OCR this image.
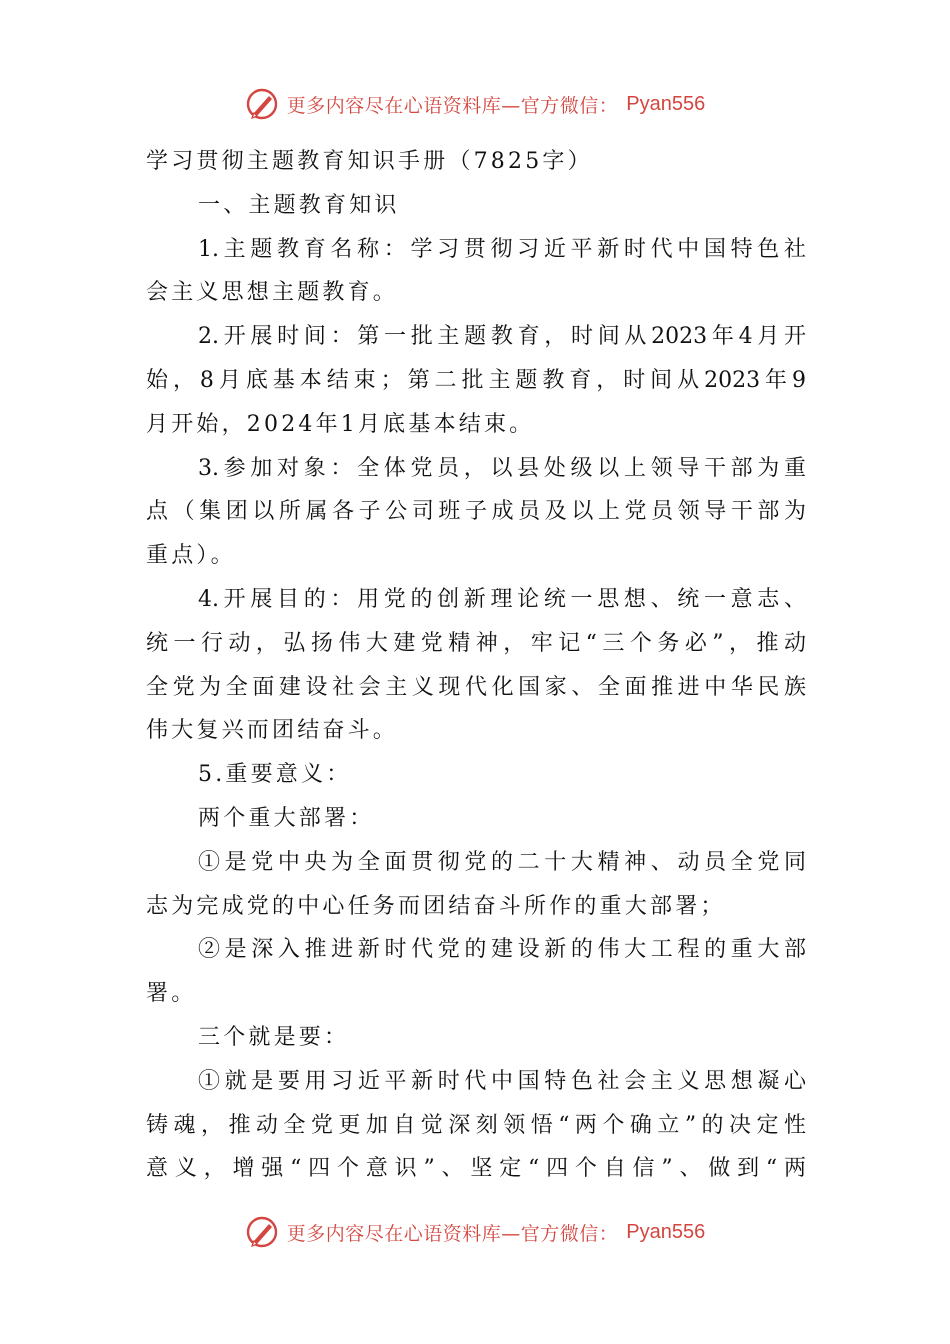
更多内容尽在心语资料库—官方微信： Pyan556
学习贯彻主题教育知识手册（7825字）
一、主题教育知识
1.主题教育名称：学习贯彻习近平新时代中国特色社
会主义思想主题教育。
2.开展时间：第一批主题教育，时间从2023年4月开
始，8月底基本结束；第二批主题教育，时间从2023年9
月开始，2024年1月底基本结束。
3.参加对象：全体党员，以县处级以上领导干部为重
点（集团以所属各子公司班子成员及以上党员领导干部为
重点）。
4.开展目的：用党的创新理论统一思想、统一意志、
统一行动，弘扬伟大建党精神，牢记“三个务必”，推动
全党为全面建设社会主义现代化国家、全面推进中华民族
伟大复兴而团结奋斗。
5.重要意义：
两个重大部署：
①是党中央为全面贯彻党的二十大精神、动员全党同
志为完成党的中心任务而团结奋斗所作的重大部署；
②是深入推进新时代党的建设新的伟大工程的重大部
署。
三个就是要：
①就是要用习近平新时代中国特色社会主义思想凝心
铸魂，推动全党更加自觉深刻领悟“两个确立”的决定性
意义，增强“四个意识”、坚定“四个自信”、做到“两
更多内容尽在心语资料库—官方微信： Pyan556
